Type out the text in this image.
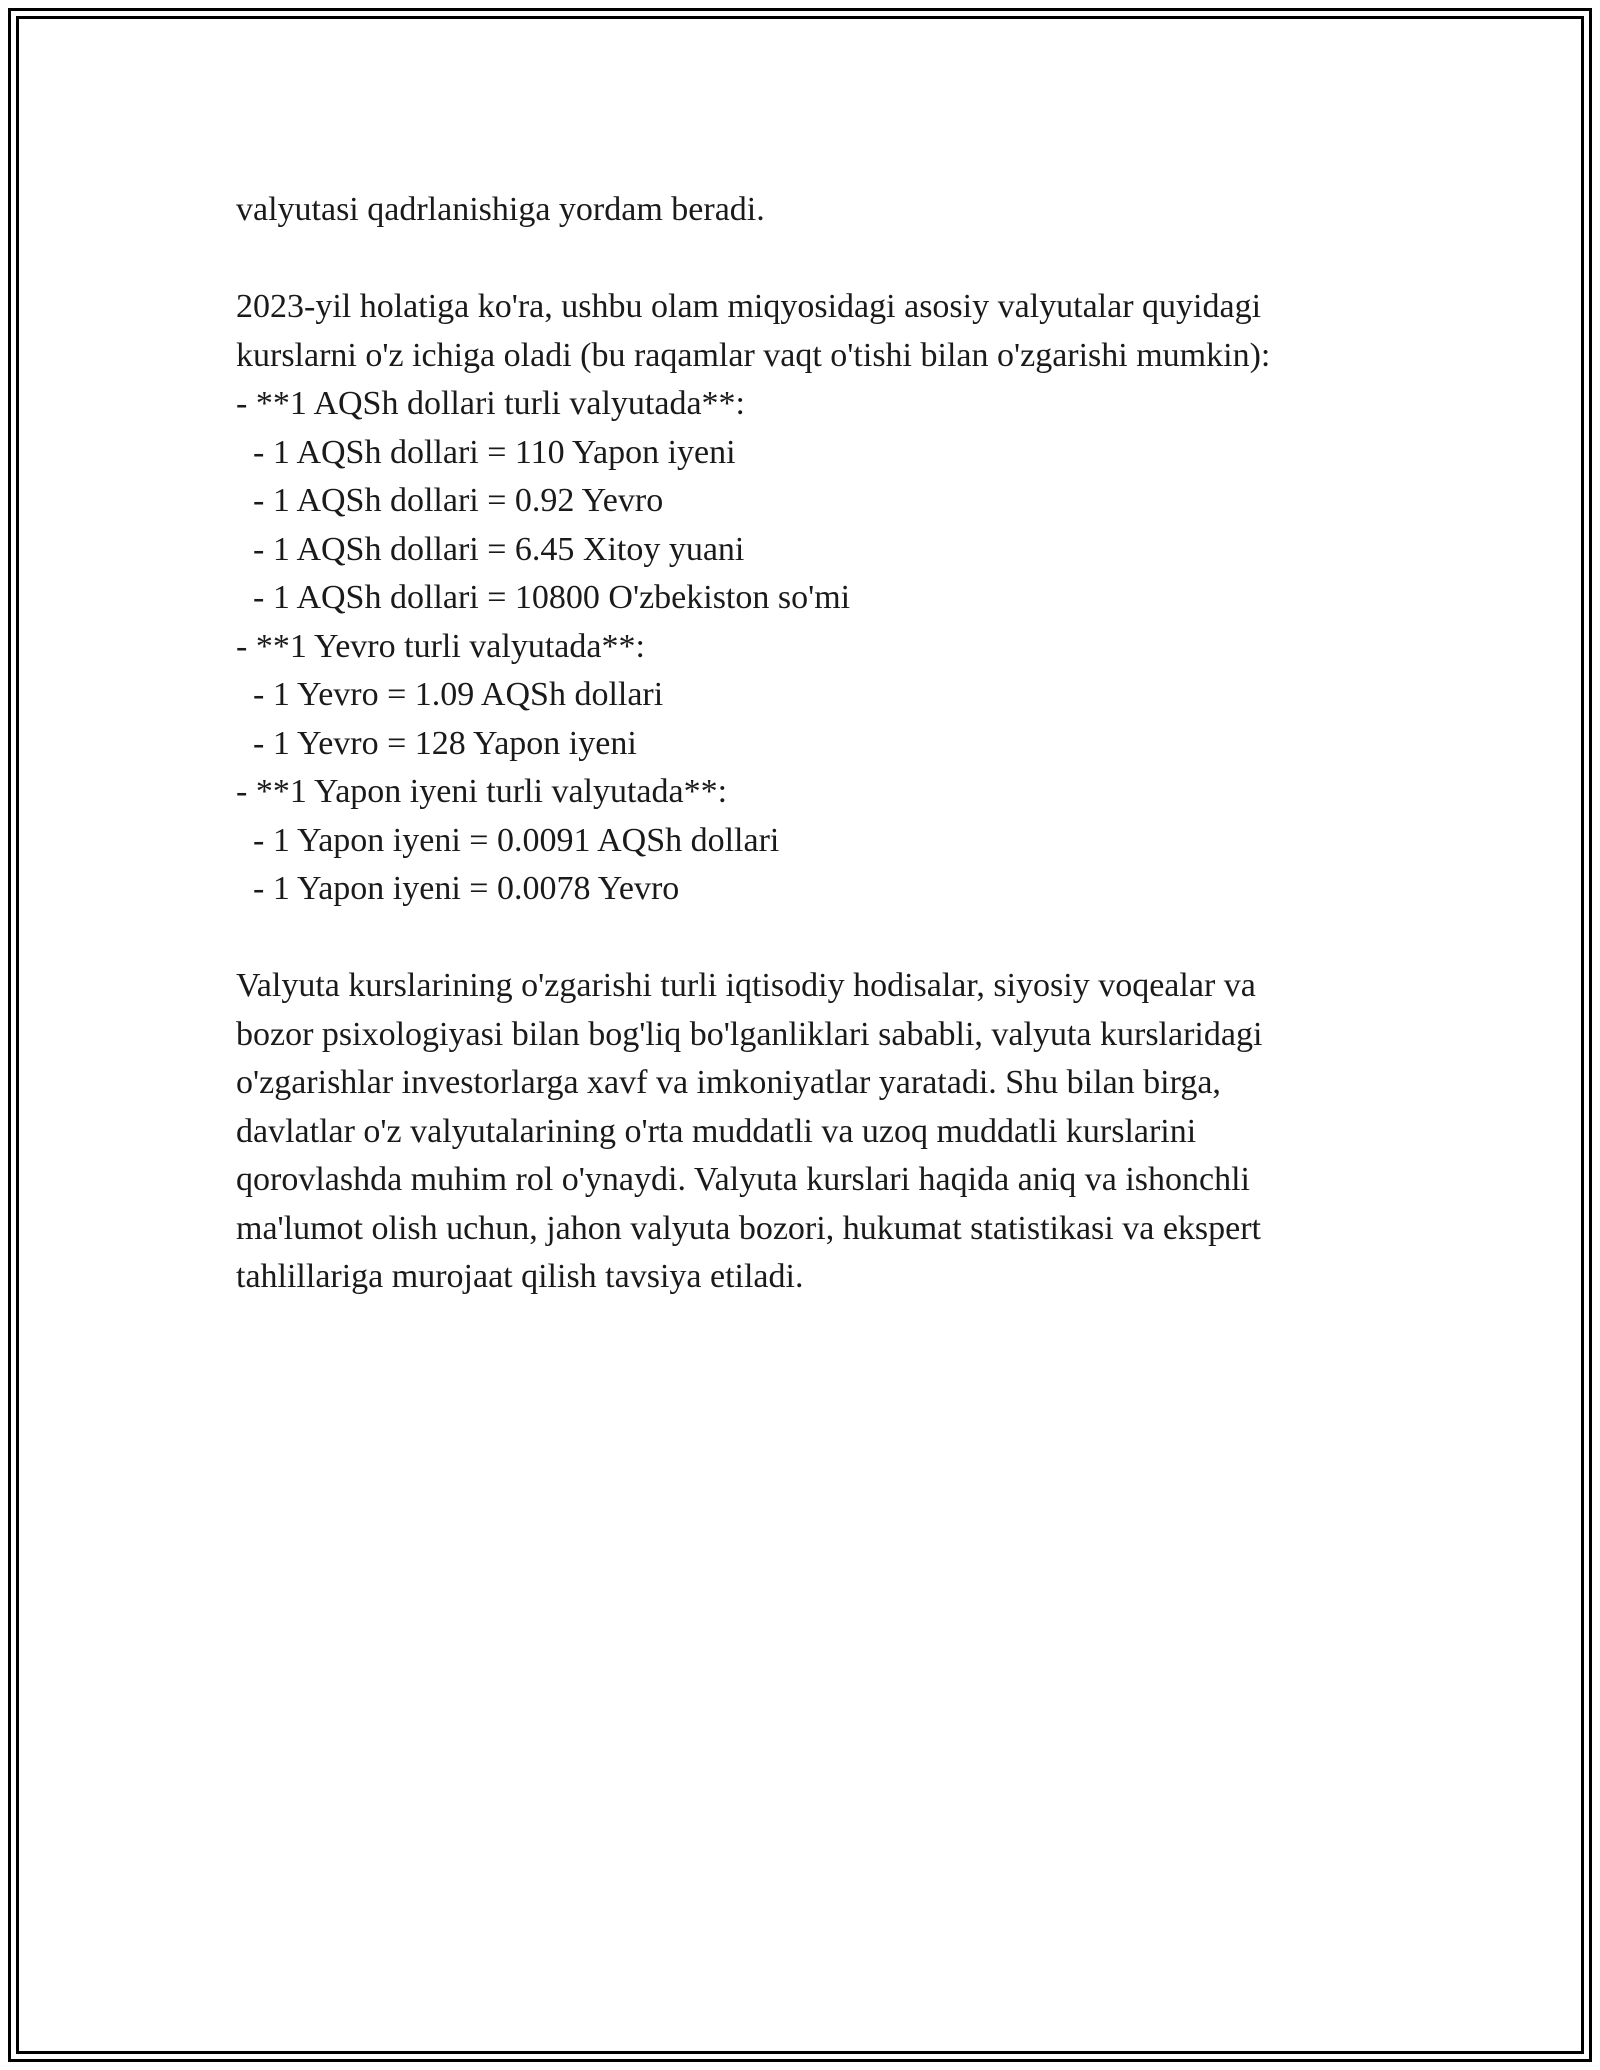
valyutasi qadrlanishiga yordam beradi.
2023-yil holatiga ko'ra, ushbu olam miqyosidagi asosiy valyutalar quyidagi
kurslarni o'z ichiga oladi (bu raqamlar vaqt o'tishi bilan o'zgarishi mumkin):
- **1 AQSh dollari turli valyutada**:
- 1 AQSh dollari = 110 Yapon iyeni
- 1 AQSh dollari = 0.92 Yevro
- 1 AQSh dollari = 6.45 Xitoy yuani
- 1 AQSh dollari = 10800 O'zbekiston so'mi
- **1 Yevro turli valyutada**:
- 1 Yevro = 1.09 AQSh dollari
- 1 Yevro = 128 Yapon iyeni
- **1 Yapon iyeni turli valyutada**:
- 1 Yapon iyeni = 0.0091 AQSh dollari
- 1 Yapon iyeni = 0.0078 Yevro
Valyuta kurslarining o'zgarishi turli iqtisodiy hodisalar, siyosiy voqealar va
bozor psixologiyasi bilan bog'liq bo'lganliklari sababli, valyuta kurslaridagi
o'zgarishlar investorlarga xavf va imkoniyatlar yaratadi. Shu bilan birga,
davlatlar o'z valyutalarining o'rta muddatli va uzoq muddatli kurslarini
qorovlashda muhim rol o'ynaydi. Valyuta kurslari haqida aniq va ishonchli
ma'lumot olish uchun, jahon valyuta bozori, hukumat statistikasi va ekspert
tahlillariga murojaat qilish tavsiya etiladi.
